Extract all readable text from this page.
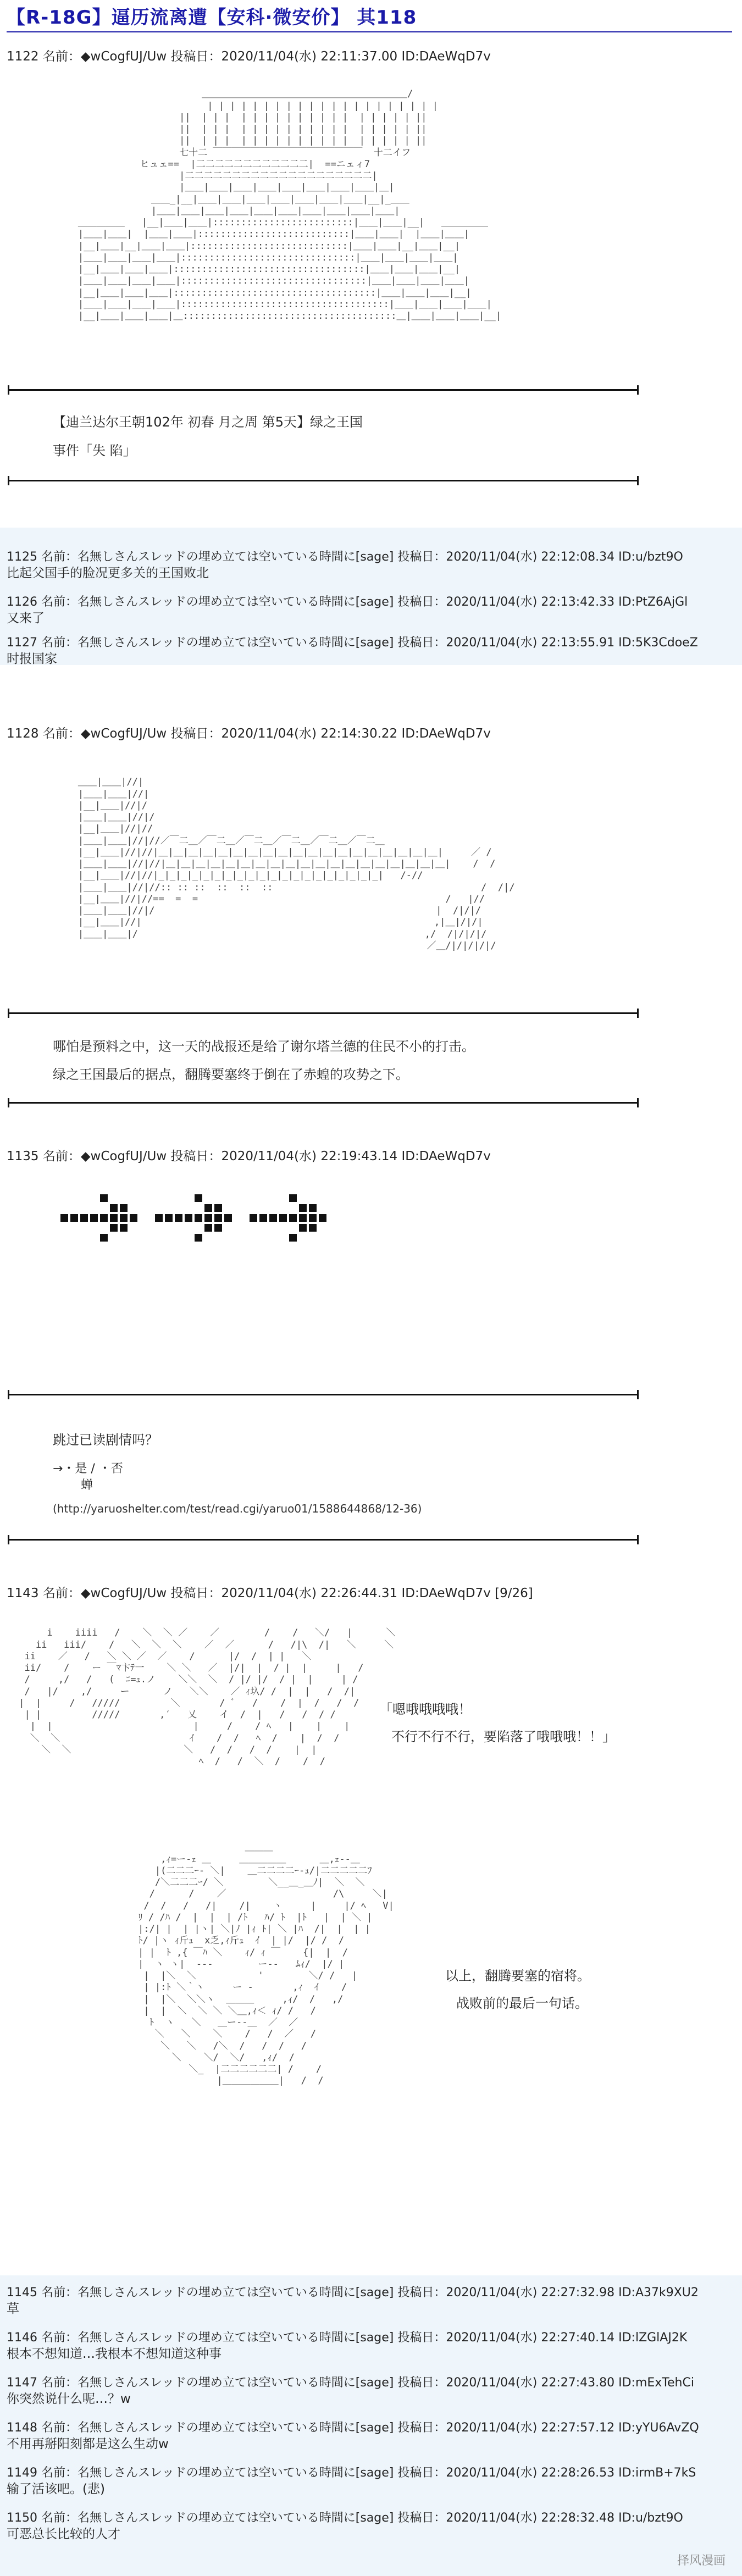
【R-18G】逼历流离遭【安科·微安价】 其118
1122 名前：◆wCogfUJ/Uw 投稿日：2020/11/04(水) 22:11:37.00 ID:DAeWqD7v

＿＿＿＿＿＿＿＿＿＿＿＿＿＿＿＿＿＿＿＿＿＿/
| | | | | | | | | | | | | | | | | | | | |
||  | | |  | | | | | | | | | |  | | | | | ||
||  | | |  | | | | | | | | | |  | | | | | ||
||  | | |  | | | | | | | | | |  | | | | | ||
七十二 ￣￣￣￣￣￣￣￣￣￣￣￣￣￣￣￣  十二イフ
ヒュェ==  |二二二二二二二二二二二二|  ==ニェィ7
|二二二二二二二二二二二二二二二二二二二二|
|＿＿|＿＿|＿＿|＿＿|＿＿|＿＿|＿＿|＿＿|＿|
＿＿_|__|＿＿|＿＿|＿＿|＿＿|＿＿|＿＿|＿＿|__|_＿＿
|＿＿|＿＿|＿＿|＿＿|＿＿|＿＿|＿＿|＿＿|＿＿|＿＿|
＿＿＿＿＿   |__|＿＿|＿＿|:::::::::::::::::::::::::|＿＿|＿＿|__|   ＿＿＿＿＿
|＿＿|＿＿|  |＿＿|＿＿|:::::::::::::::::::::::::::|＿＿|＿＿|  |＿＿|＿＿|
|__|＿＿|__|＿＿|＿＿|::::::::::::::::::::::::::::|＿＿|＿＿|__|＿＿|__|
|＿＿|＿＿|＿＿|＿＿|:::::::::::::::::::::::::::::::|＿＿|＿＿|＿＿|＿＿|
|__|＿＿|＿＿|＿＿|::::::::::::::::::::::::::::::::::|＿＿|＿＿|＿＿|__|
|＿＿|＿＿|＿＿|＿＿|:::::::::::::::::::::::::::::::::|＿＿|＿＿|＿＿|＿＿|
|__|＿＿|＿＿|＿＿|::::::::::::::::::::::::::::::::::::|＿＿|＿＿|＿＿|__|
|＿＿|＿＿|＿＿|＿＿|:::::::::::::::::::::::::::::::::::::|＿＿|＿＿|＿＿|＿＿|
|__|＿＿|＿＿|＿＿|＿::::::::::::::::::::::::::::::::::::::＿|＿＿|＿＿|＿＿|__|

【迪兰达尔王朝102年 初春 月之周 第5天】绿之王国
事件「失 陷」
1125 名前：名無しさんスレッドの埋め立ては空いている時間に[sage] 投稿日：2020/11/04(水) 22:12:08.34 ID:u/bzt9O
比起父国手的脸况更多关的王国败北
1126 名前：名無しさんスレッドの埋め立ては空いている時間に[sage] 投稿日：2020/11/04(水) 22:13:42.33 ID:PtZ6AjGl
又来了
1127 名前：名無しさんスレッドの埋め立ては空いている時間に[sage] 投稿日：2020/11/04(水) 22:13:55.91 ID:5K3CdoeZ
时报国家
1128 名前：◆wCogfUJ/Uw 投稿日：2020/11/04(水) 22:14:30.22 ID:DAeWqD7v

＿＿|＿＿|//|
|＿＿|＿＿|//|
|__|＿＿|//|/
|＿＿|＿＿|//|/
|__|＿＿|//|//
|＿＿|＿＿|//|//／￣二＿／￣二＿／￣二＿／￣二＿／￣二＿／￣二＿
|__|＿＿|//|//|＿|＿|＿|＿|＿|＿|＿|＿|＿|＿|＿|＿|＿|＿|＿|＿|＿|＿|＿|     ／ /
|＿＿|＿＿|//|//|＿|＿|＿|＿|＿|＿|＿|＿|＿|＿|＿|＿|＿|＿|＿|＿|＿|＿|＿|    /  /
|__|＿＿|//|//|_|_|_|_|_|_|_|_|_|_|_|_|_|_|_|_|_|_|_|_|   /-//
|＿＿|＿＿|//|//:: :: ::  ::  ::  ::                                     /  /|/
|__|＿＿|//|//==  =  =                                            /   |//
|＿＿|＿＿|//|/                                                  |  /|/|/
|__|＿＿|//|                                                    ,|＿|/|/|
|＿＿|＿＿|/                                                   ,/  /|/|/|/
／＿/|/|/|/|/

哪怕是预料之中，这一天的战报还是给了谢尔塔兰德的住民不小的打击。
绿之王国最后的据点，翻腾要塞终于倒在了赤蝗的攻势之下。
1135 名前：◆wCogfUJ/Uw 投稿日：2020/11/04(水) 22:19:43.14 ID:DAeWqD7v
跳过已读剧情吗？
→・是 / ・否
　　 蝉
(http://yaruoshelter.com/test/read.cgi/yaruo01/1588644868/12-36)
1143 名前：◆wCogfUJ/Uw 投稿日：2020/11/04(水) 22:26:44.31 ID:DAeWqD7v [9/26]

i    iiii   /    ＼  ＼ ／    ／        /    /   ＼/   |      ＼
ii   iii/    /   ＼  ＼  ＼    ／  ／      /   /|\  /|   ＼     ＼
ii    ／   /   ＼ ＼ ／  ／    /      |/  /  | |   ＼
ii/    /    ー ￣ﾏ卞ﾃ一    ＼ ＼   ／  |/|  |  / |  |     |   /
/     ,/   /   (  ﾆ=ｭ.ノ    ＼＼  ＼  / |/ |/  / |  |     | /
/   |/    ,/     ー      ノ   ＼＼    ／ ｨ圦/ /  |  |   /  /|
|  |     /   /////         ＼       / ﾞ   /    /  |  /   /  /
| |         /////       ,′   乂    イ  /  |   /   /  / /
|  |                         |     /    / ﾍ   |    |    |
＼  ＼                       ｲ    /  /   ﾍ  /    |  /  /
＼  ＼                    ＼   /  /   /  /    |  |
ﾍ  /   /  ＼  /    /  /

「嗯哦哦哦哦！
不行不行不行，要陷落了哦哦哦！！」

＿＿＿
,ｨ=ー-ｪ ＿     ＿＿＿＿＿      ＿,ｪ--＿
|(二二二ｰ‐ ＼|    ＿二二二二ｰ-ｭ/|二二二二二ﾌ
/＼二二二ｰ/ ＼        ＼__＿_＿ﾉ|  ＼  ＼
/      /    ／                   /\     ＼|
/  /   /   /|    /|    ヽ     |     |/ ﾍ   V|
ﾘ / /ﾊ /  |  |  | /ﾄ   ﾊ/ ﾄ  |ﾄ   |  | ＼ |
|:/| |  | |ヽ| ＼|ﾉ |ｨ ﾄ| ＼ |ﾊ  /|  |  | |
ﾄ/ |ヽ ｨ斤ｭ  x乏,ｨ斤ｭ  ｲ  | |/  |/ /  /
| |  ﾄ ,{ ￣ﾊ ＼    ｨ/ ｨ ￣    {|  |  /
|  ヽ ヽ|  ‐-‐        ー-‐   ﾑｨ/  |/ |
|  |＼  ＼           '        ＼/ /   |
| |:ﾄ ＼｀ヽ     ー ‐       ,ｨ  ｲ    /
|  |＼  ＼＼ヽ  ＿＿＿     ,ｨ/  /   ,/
|  |  ＼  ＼ ＼ ＼＿,ｨ＜ ｨ/ /   /
ﾄ  ヽ   ＼   ＿ー-‐＿  ／  ／
＼   ＼    ＼    /   /  ／   /
＼   ＼   /＼  /   /  /   /
＼    ＼/  ＼/   ,ｨ/  /
＼_  |二二二二二二| /    /
|＿＿＿＿＿＿|   /  /

以上，翻腾要塞的宿将。
战败前的最后一句话。
1145 名前：名無しさんスレッドの埋め立ては空いている時間に[sage] 投稿日：2020/11/04(水) 22:27:32.98 ID:A37k9XU2
草
1146 名前：名無しさんスレッドの埋め立ては空いている時間に[sage] 投稿日：2020/11/04(水) 22:27:40.14 ID:lZGlAJ2K
根本不想知道…我根本不想知道这种事
1147 名前：名無しさんスレッドの埋め立ては空いている時間に[sage] 投稿日：2020/11/04(水) 22:27:43.80 ID:mExTehCi
你突然说什么呢…？w
1148 名前：名無しさんスレッドの埋め立ては空いている時間に[sage] 投稿日：2020/11/04(水) 22:27:57.12 ID:yYU6AvZQ
不用再掰阳刻都是这么生动w
1149 名前：名無しさんスレッドの埋め立ては空いている時間に[sage] 投稿日：2020/11/04(水) 22:28:26.53 ID:irmB+7kS
输了活该吧。(悲)
1150 名前：名無しさんスレッドの埋め立ては空いている時間に[sage] 投稿日：2020/11/04(水) 22:28:32.48 ID:u/bzt9O
可恶总长比较的人才
择风漫画
